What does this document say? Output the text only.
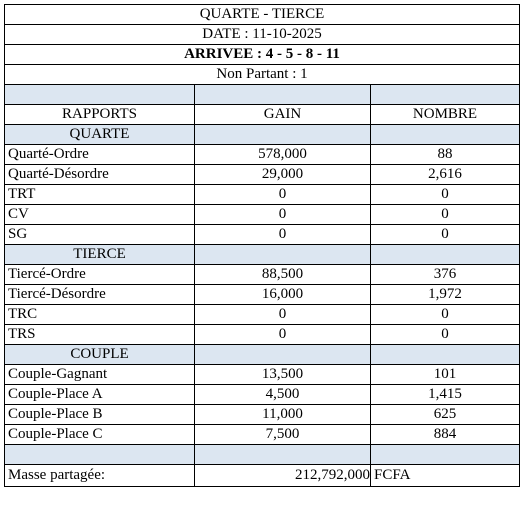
QUARTE - TIERCE		
DATE : 11-10-2025		
ARRIVEE : 4 - 5 - 8 - 11		
Non Partant : 1		

RAPPORTS	GAIN	NOMBRE
QUARTE		
Quarté-Ordre	578,000	88
Quarté-Désordre	29,000	2,616
TRT	0	0
CV	0	0
SG	0	0
TIERCE		
Tiercé-Ordre	88,500	376
Tiercé-Désordre	16,000	1,972
TRC	0	0
TRS	0	0
COUPLE		
Couple-Gagnant	13,500	101
Couple-Place A	4,500	1,415
Couple-Place B	11,000	625
Couple-Place C	7,500	884

Masse partagée:	212,792,000	FCFA
